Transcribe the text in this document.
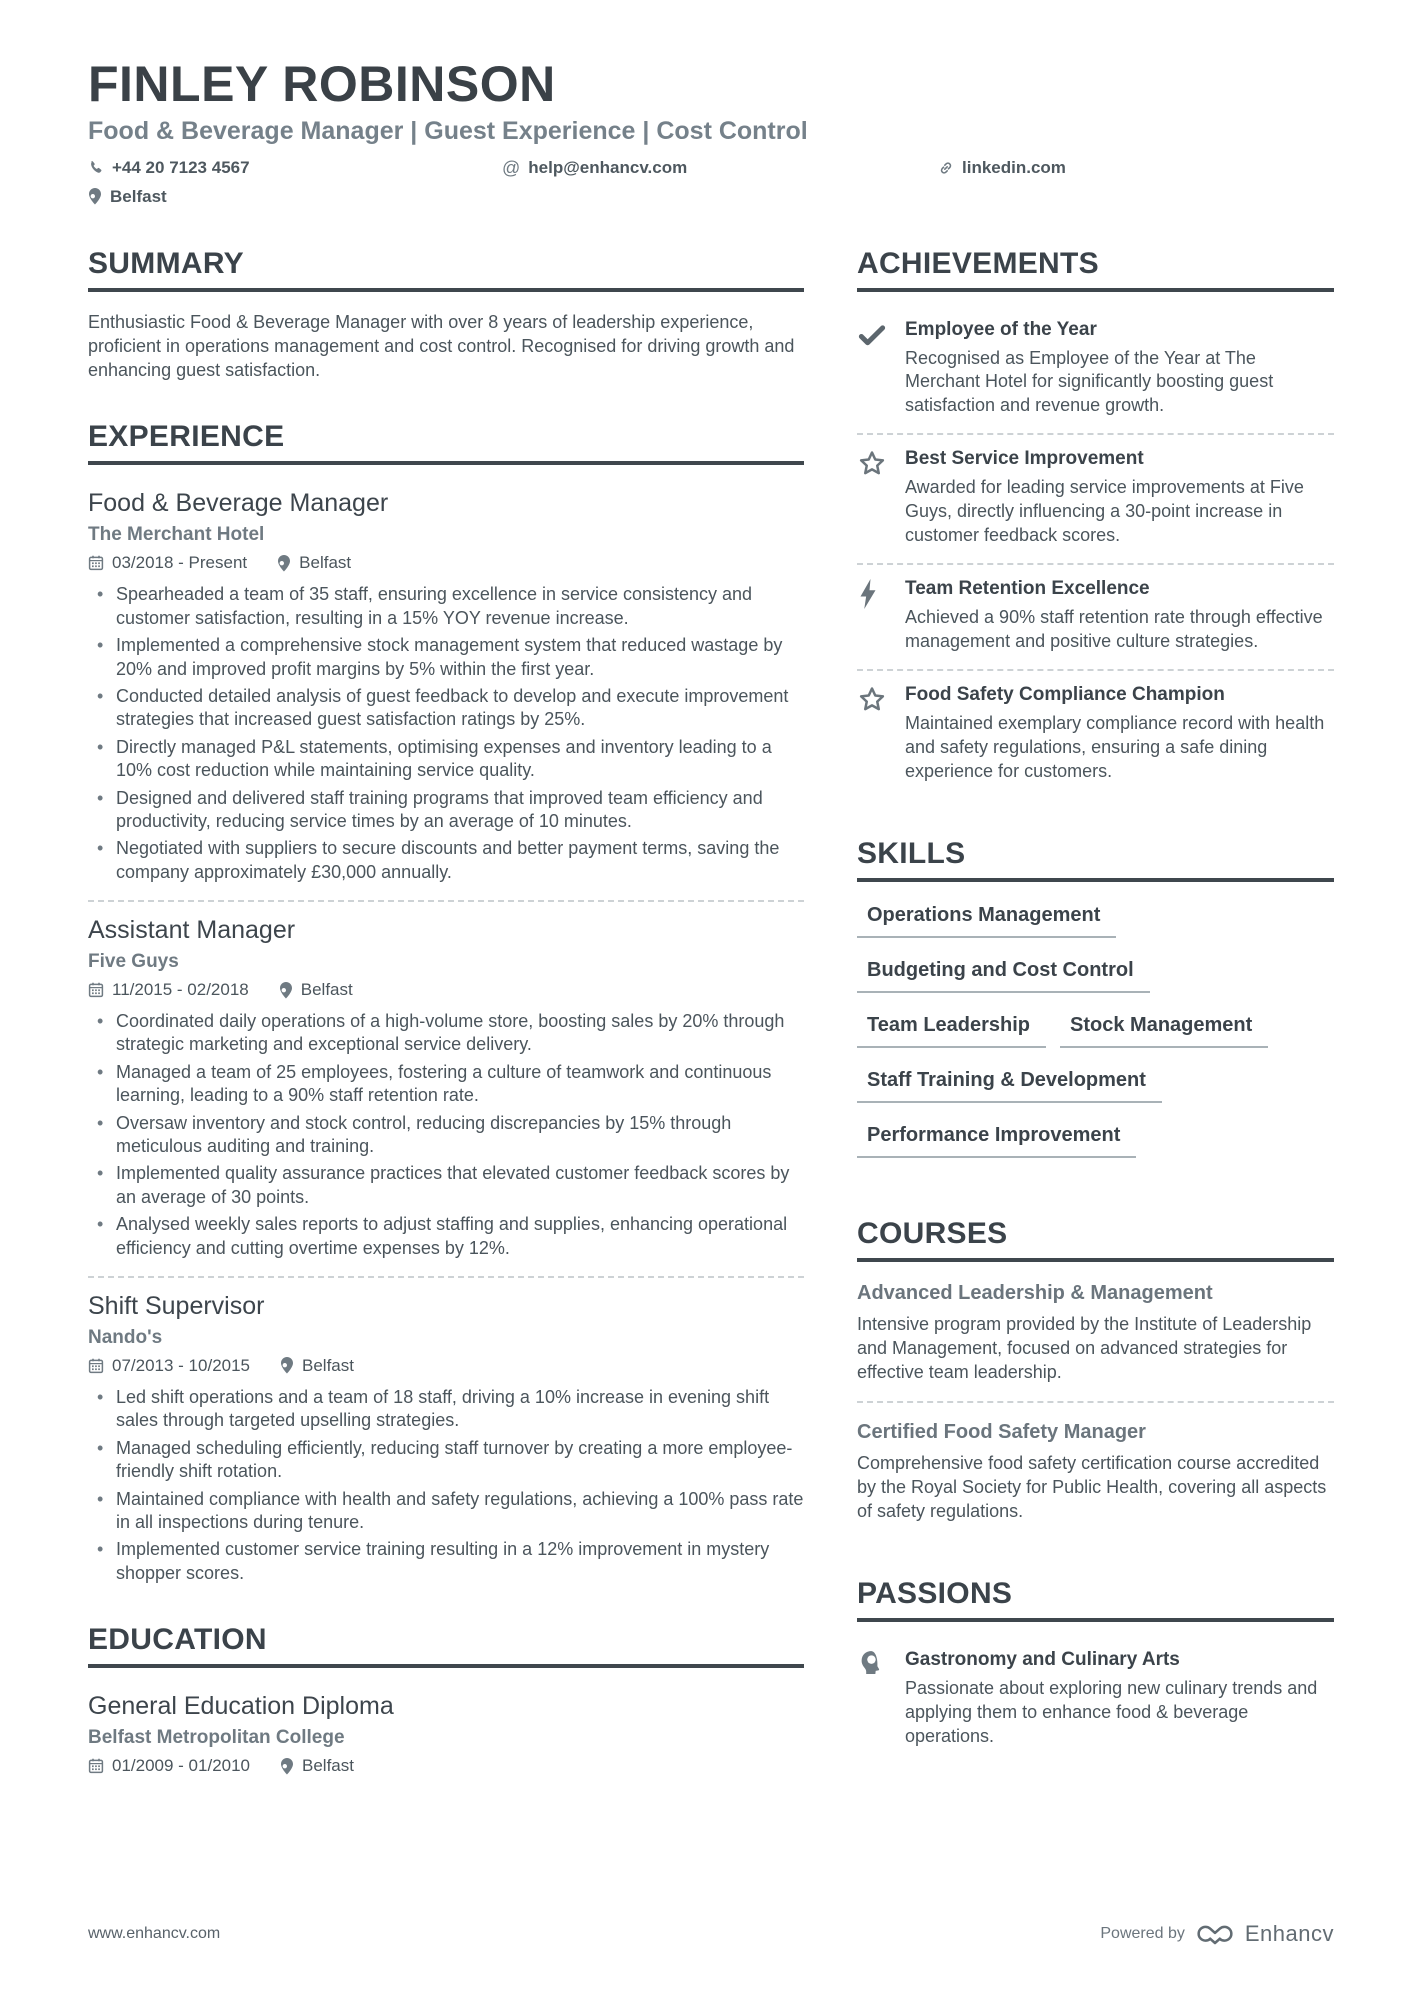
FINLEY ROBINSON
Food & Beverage Manager | Guest Experience | Cost Control
+44 20 7123 4567	@ help@enhancv.com	linkedin.com
Belfast
SUMMARY

Enthusiastic Food & Beverage Manager with over 8 years of leadership experience, proficient in operations management and cost control. Recognised for driving growth and enhancing guest satisfaction.

EXPERIENCE
Food & Beverage Manager
The Merchant Hotel
03/2018 - Present	Belfast
• Spearheaded a team of 35 staff, ensuring excellence in service consistency and customer satisfaction, resulting in a 15% YOY revenue increase.
• Implemented a comprehensive stock management system that reduced wastage by 20% and improved profit margins by 5% within the first year.
• Conducted detailed analysis of guest feedback to develop and execute improvement strategies that increased guest satisfaction ratings by 25%.
• Directly managed P&L statements, optimising expenses and inventory leading to a 10% cost reduction while maintaining service quality.
• Designed and delivered staff training programs that improved team efficiency and productivity, reducing service times by an average of 10 minutes.
• Negotiated with suppliers to secure discounts and better payment terms, saving the company approximately £30,000 annually.
Assistant Manager
Five Guys
11/2015 - 02/2018	Belfast
• Coordinated daily operations of a high-volume store, boosting sales by 20% through strategic marketing and exceptional service delivery.
• Managed a team of 25 employees, fostering a culture of teamwork and continuous learning, leading to a 90% staff retention rate.
• Oversaw inventory and stock control, reducing discrepancies by 15% through meticulous auditing and training.
• Implemented quality assurance practices that elevated customer feedback scores by an average of 30 points.
• Analysed weekly sales reports to adjust staffing and supplies, enhancing operational efficiency and cutting overtime expenses by 12%.
Shift Supervisor
Nando's
07/2013 - 10/2015	Belfast
• Led shift operations and a team of 18 staff, driving a 10% increase in evening shift sales through targeted upselling strategies.
• Managed scheduling efficiently, reducing staff turnover by creating a more employee-friendly shift rotation.
• Maintained compliance with health and safety regulations, achieving a 100% pass rate in all inspections during tenure.
• Implemented customer service training resulting in a 12% improvement in mystery shopper scores.
EDUCATION
General Education Diploma
Belfast Metropolitan College
01/2009 - 01/2010	Belfast
ACHIEVEMENTS
Employee of the Year
Recognised as Employee of the Year at The Merchant Hotel for significantly boosting guest satisfaction and revenue growth.
Best Service Improvement
Awarded for leading service improvements at Five Guys, directly influencing a 30-point increase in customer feedback scores.
Team Retention Excellence
Achieved a 90% staff retention rate through effective management and positive culture strategies.
Food Safety Compliance Champion
Maintained exemplary compliance record with health and safety regulations, ensuring a safe dining experience for customers.
SKILLS
Operations Management
Budgeting and Cost Control
Team Leadership	Stock Management
Staff Training & Development
Performance Improvement
COURSES
Advanced Leadership & Management
Intensive program provided by the Institute of Leadership and Management, focused on advanced strategies for effective team leadership.
Certified Food Safety Manager
Comprehensive food safety certification course accredited by the Royal Society for Public Health, covering all aspects of safety regulations.
PASSIONS
Gastronomy and Culinary Arts
Passionate about exploring new culinary trends and applying them to enhance food & beverage operations.
www.enhancv.com	Powered by	Enhancv
